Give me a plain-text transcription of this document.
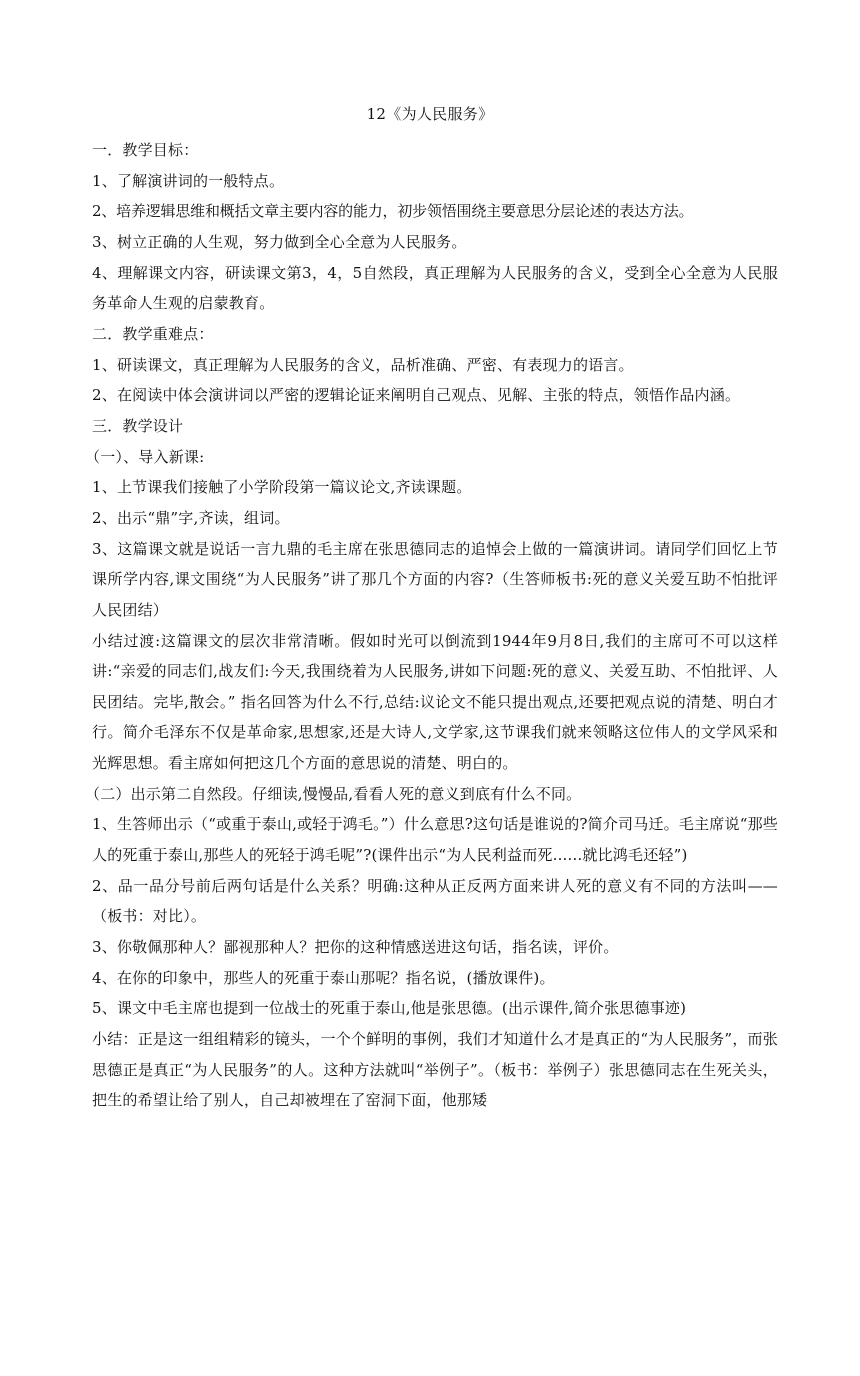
12《为人民服务》

一．教学目标：

1、了解演讲词的一般特点。

2、培养逻辑思维和概括文章主要内容的能力，初步领悟围绕主要意思分层论述的表达方法。

3、树立正确的人生观，努力做到全心全意为人民服务。

4、理解课文内容，研读课文第3，4，5自然段，真正理解为人民服务的含义，受到全心全意为人民服务革命人生观的启蒙教育。

二．教学重难点：

1、研读课文，真正理解为人民服务的含义，品析准确、严密、有表现力的语言。

2、在阅读中体会演讲词以严密的逻辑论证来阐明自己观点、见解、主张的特点，领悟作品内涵。

三．教学设计

（一）、导入新课:

1、上节课我们接触了小学阶段第一篇议论文,齐读课题。

2、出示“鼎”字,齐读，组词。

3、这篇课文就是说话一言九鼎的毛主席在张思德同志的追悼会上做的一篇演讲词。请同学们回忆上节课所学内容,课文围绕“为人民服务”讲了那几个方面的内容?（生答师板书:死的意义关爱互助不怕批评人民团结）

小结过渡:这篇课文的层次非常清晰。假如时光可以倒流到1944年9月8日,我们的主席可不可以这样讲:“亲爱的同志们,战友们:今天,我围绕着为人民服务,讲如下问题:死的意义、关爱互助、不怕批评、人民团结。完毕,散会。” 指名回答为什么不行,总结:议论文不能只提出观点,还要把观点说的清楚、明白才行。简介毛泽东不仅是革命家,思想家,还是大诗人,文学家,这节课我们就来领略这位伟人的文学风采和光辉思想。看主席如何把这几个方面的意思说的清楚、明白的。

（二）出示第二自然段。仔细读,慢慢品,看看人死的意义到底有什么不同。

1、生答师出示（“或重于泰山,或轻于鸿毛。”）什么意思?这句话是谁说的?简介司马迁。毛主席说“那些人的死重于泰山,那些人的死轻于鸿毛呢”?(课件出示“为人民利益而死......就比鸿毛还轻”)

2、品一品分号前后两句话是什么关系？明确:这种从正反两方面来讲人死的意义有不同的方法叫——（板书：对比）。

3、你敬佩那种人？鄙视那种人？把你的这种情感送进这句话，指名读，评价。

4、在你的印象中，那些人的死重于泰山那呢？指名说，(播放课件)。

5、课文中毛主席也提到一位战士的死重于泰山,他是张思德。(出示课件,简介张思德事迹)

小结：正是这一组组精彩的镜头，一个个鲜明的事例，我们才知道什么才是真正的“为人民服务”，而张思德正是真正“为人民服务”的人。这种方法就叫“举例子”。（板书：举例子）张思德同志在生死关头，把生的希望让给了别人，自己却被埋在了窑洞下面，他那矮
